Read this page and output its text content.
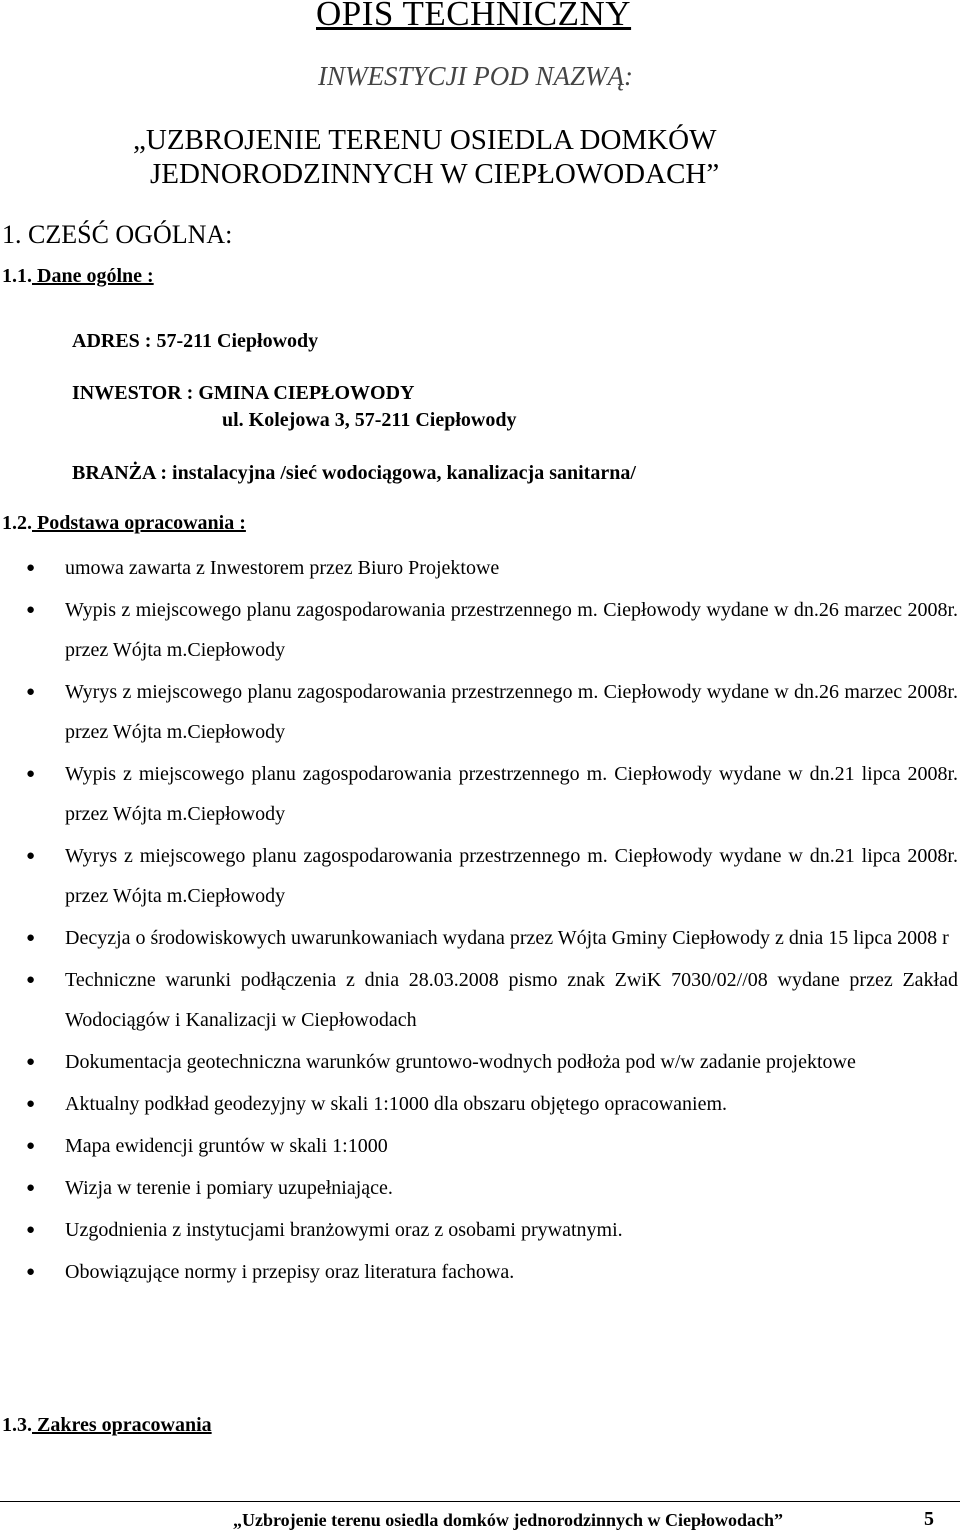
OPIS TECHNICZNY
INWESTYCJI POD NAZWĄ:
„UZBROJENIE TERENU OSIEDLA DOMKÓW
JEDNORODZINNYCH W CIEPŁOWODACH”
1. CZEŚĆ OGÓLNA:
1.1. Dane ogólne :
ADRES : 57-211 Ciepłowody
INWESTOR : GMINA CIEPŁOWODY
ul. Kolejowa 3, 57-211 Ciepłowody
BRANŻA : instalacyjna /sieć wodociągowa, kanalizacja sanitarna/
1.2. Podstawa opracowania :
● umowa zawarta z Inwestorem przez Biuro Projektowe
● Wypis z miejscowego planu zagospodarowania przestrzennego m. Ciepłowody wydane w dn.26 marzec 2008r. przez Wójta m.Ciepłowody
● Wyrys z miejscowego planu zagospodarowania przestrzennego m. Ciepłowody wydane w dn.26 marzec 2008r. przez Wójta m.Ciepłowody
● Wypis z miejscowego planu zagospodarowania przestrzennego m. Ciepłowody wydane w dn.21 lipca 2008r. przez Wójta m.Ciepłowody
● Wyrys z miejscowego planu zagospodarowania przestrzennego m. Ciepłowody wydane w dn.21 lipca 2008r. przez Wójta m.Ciepłowody
● Decyzja o środowiskowych uwarunkowaniach wydana przez Wójta Gminy Ciepłowody z dnia 15 lipca 2008 r
● Techniczne warunki podłączenia z dnia 28.03.2008 pismo znak ZwiK 7030/02//08 wydane przez Zakład Wodociągów i Kanalizacji w Ciepłowodach
● Dokumentacja geotechniczna warunków gruntowo-wodnych podłoża pod w/w zadanie projektowe
● Aktualny podkład geodezyjny w skali 1:1000 dla obszaru objętego opracowaniem.
● Mapa ewidencji gruntów w skali 1:1000
● Wizja w terenie i pomiary uzupełniające.
● Uzgodnienia z instytucjami branżowymi oraz z osobami prywatnymi.
● Obowiązujące normy i przepisy oraz literatura fachowa.
1.3. Zakres opracowania
„Uzbrojenie terenu osiedla domków jednorodzinnych w Ciepłowodach”	5
